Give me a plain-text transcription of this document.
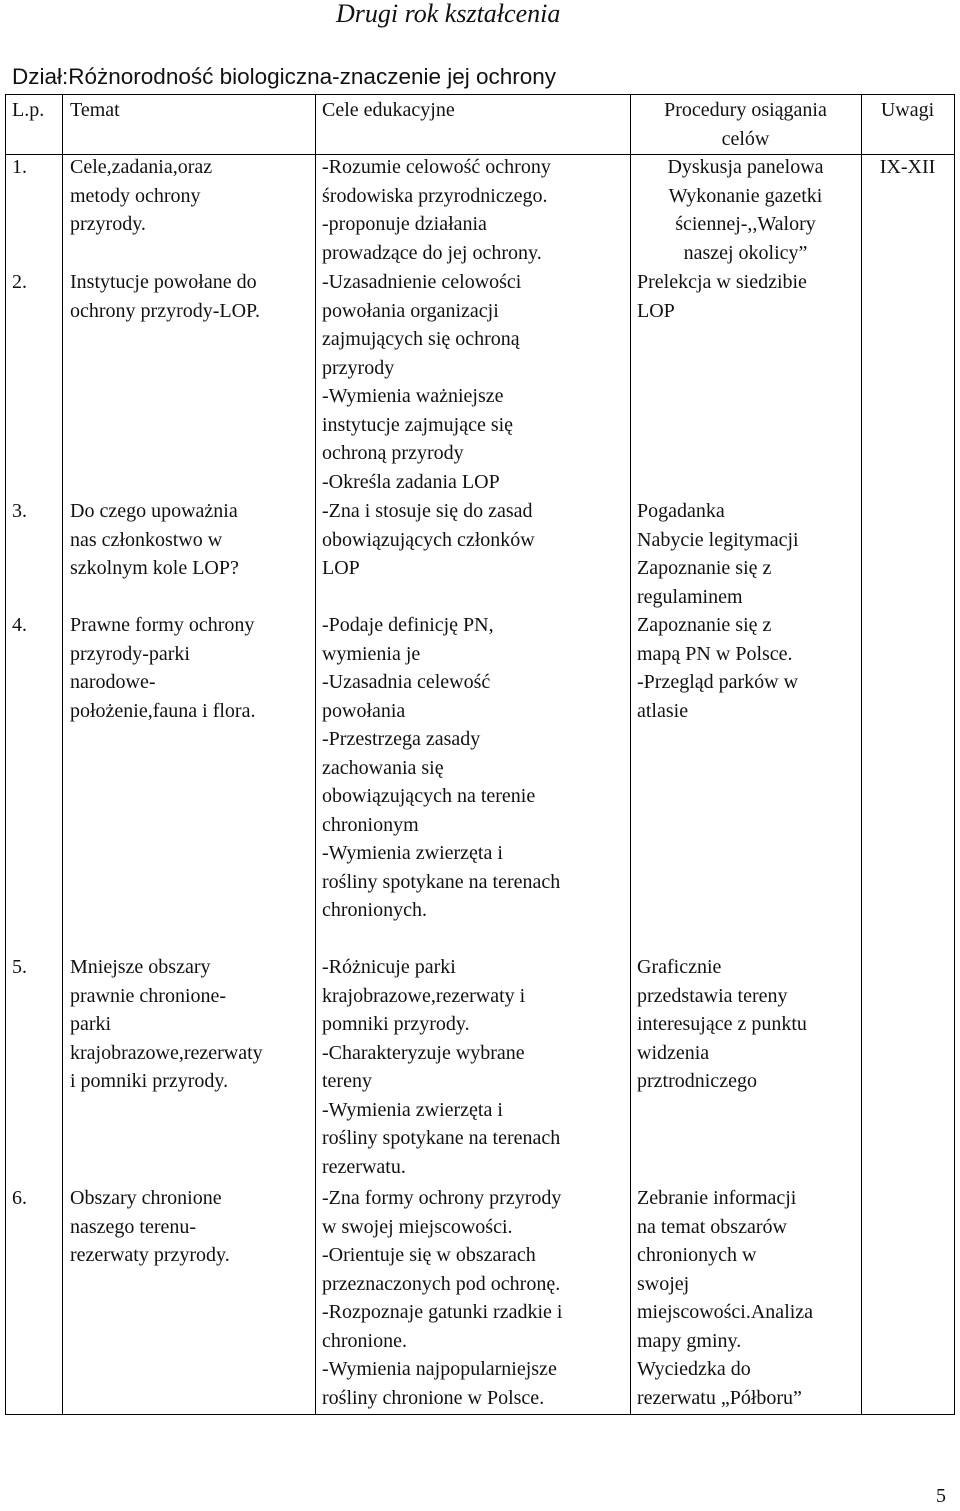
Drugi rok kształcenia
Dział:Różnorodność biologiczna-znaczenie jej ochrony
L.p. Temat	Cele edukacyjne	Procedury osiągania
celów
Uwagi
1. Cele,zadania,oraz
metody ochrony
przyrody.
-Rozumie celowość ochrony
środowiska przyrodniczego.
-proponuje działania
prowadzące do jej ochrony.
Dyskusja panelowa
Wykonanie gazetki
ściennej-,,Walory
naszej okolicy”
IX-XII
2. Instytucje powołane do
ochrony przyrody-LOP.
-Uzasadnienie celowości
powołania organizacji
zajmujących się ochroną
przyrody
-Wymienia ważniejsze
instytucje zajmujące się
ochroną przyrody
-Określa zadania LOP
Prelekcja w siedzibie
LOP
3. Do czego upoważnia
nas członkostwo w
szkolnym kole LOP?
-Zna i stosuje się do zasad
obowiązujących członków
LOP
Pogadanka
Nabycie legitymacji
Zapoznanie się z
regulaminem
4. Prawne formy ochrony
przyrody-parki
narodowe-
położenie,fauna i flora.
-Podaje definicję PN,
wymienia je
-Uzasadnia celewość
powołania
-Przestrzega zasady
zachowania się
obowiązujących na terenie
chronionym
-Wymienia zwierzęta i
rośliny spotykane na terenach
chronionych.
Zapoznanie się z
mapą PN w Polsce.
-Przegląd parków w
atlasie
5. Mniejsze obszary
prawnie chronione-
parki
krajobrazowe,rezerwaty
i pomniki przyrody.
-Różnicuje parki
krajobrazowe,rezerwaty i
pomniki przyrody.
-Charakteryzuje wybrane
tereny
-Wymienia zwierzęta i
rośliny spotykane na terenach
rezerwatu.
Graficznie
przedstawia tereny
interesujące z punktu
widzenia
prztrodniczego
6. Obszary chronione
naszego terenu-
rezerwaty przyrody.
-Zna formy ochrony przyrody
w swojej miejscowości.
-Orientuje się w obszarach
przeznaczonych pod ochronę.
-Rozpoznaje gatunki rzadkie i
chronione.
-Wymienia najpopularniejsze
rośliny chronione w Polsce.
Zebranie informacji
na temat obszarów
chronionych w
swojej
miejscowości.Analiza
mapy gminy.
Wyciedzka do
rezerwatu „Półboru”
5
